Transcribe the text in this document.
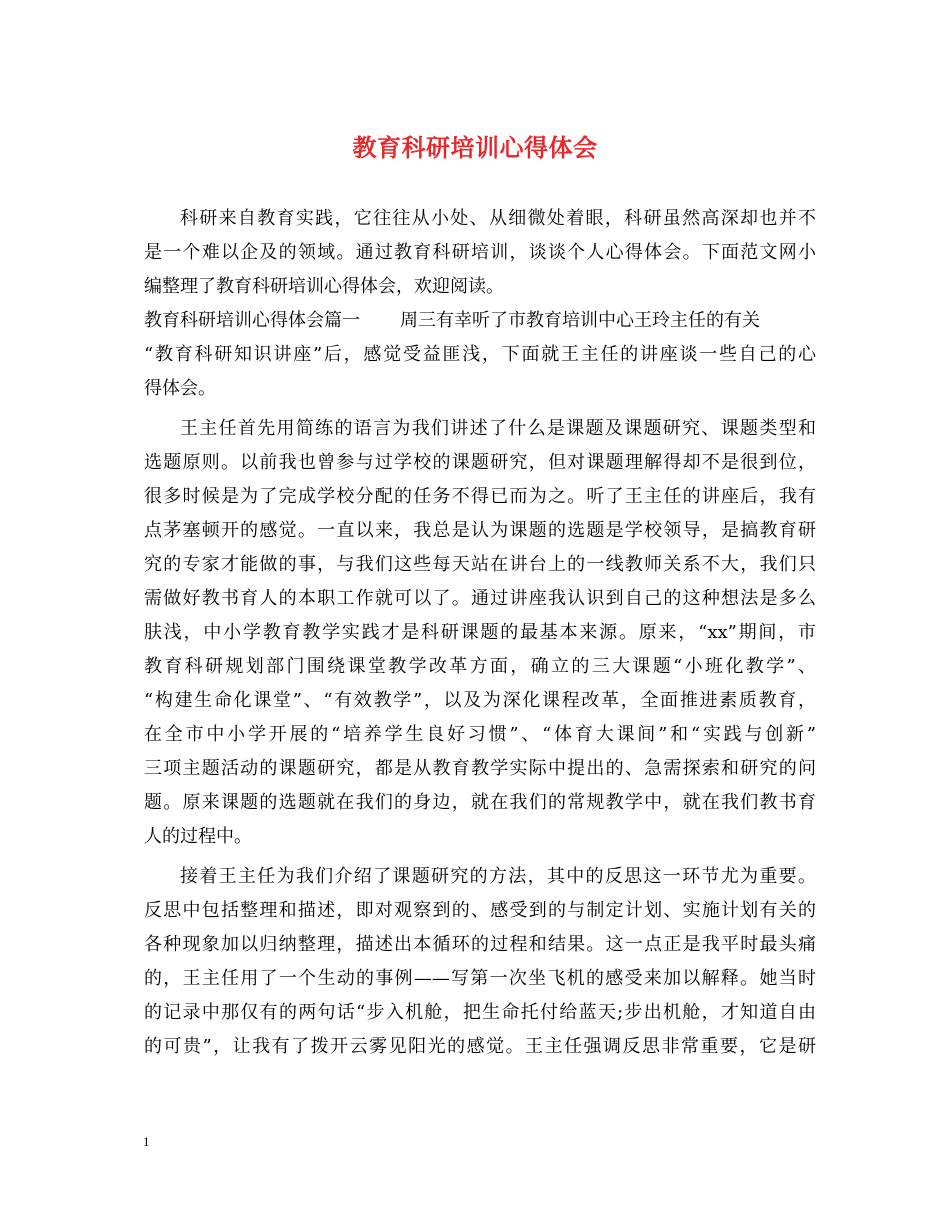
教育科研培训心得体会
科研来自教育实践，它往往从小处、从细微处着眼，科研虽然高深却也并不
是一个难以企及的领域。通过教育科研培训，谈谈个人心得体会。下面范文网小
编整理了教育科研培训心得体会，欢迎阅读。
教育科研培训心得体会篇一 周三有幸听了市教育培训中心王玲主任的有关
“教育科研知识讲座”后，感觉受益匪浅，下面就王主任的讲座谈一些自己的心
得体会。
王主任首先用简练的语言为我们讲述了什么是课题及课题研究、课题类型和
选题原则。以前我也曾参与过学校的课题研究，但对课题理解得却不是很到位，
很多时候是为了完成学校分配的任务不得已而为之。听了王主任的讲座后，我有
点茅塞顿开的感觉。一直以来，我总是认为课题的选题是学校领导，是搞教育研
究的专家才能做的事，与我们这些每天站在讲台上的一线教师关系不大，我们只
需做好教书育人的本职工作就可以了。通过讲座我认识到自己的这种想法是多么
肤浅，中小学教育教学实践才是科研课题的最基本来源。原来，“xx”期间，市
教育科研规划部门围绕课堂教学改革方面，确立的三大课题“小班化教学”、
“构建生命化课堂”、“有效教学”，以及为深化课程改革，全面推进素质教育，
在全市中小学开展的“培养学生良好习惯”、“体育大课间”和“实践与创新”
三项主题活动的课题研究，都是从教育教学实际中提出的、急需探索和研究的问
题。原来课题的选题就在我们的身边，就在我们的常规教学中，就在我们教书育
人的过程中。
接着王主任为我们介绍了课题研究的方法，其中的反思这一环节尤为重要。
反思中包括整理和描述，即对观察到的、感受到的与制定计划、实施计划有关的
各种现象加以归纳整理，描述出本循环的过程和结果。这一点正是我平时最头痛
的，王主任用了一个生动的事例——写第一次坐飞机的感受来加以解释。她当时
的记录中那仅有的两句话“步入机舱，把生命托付给蓝天;步出机舱，才知道自由
的可贵”，让我有了拨开云雾见阳光的感觉。王主任强调反思非常重要，它是研
1
